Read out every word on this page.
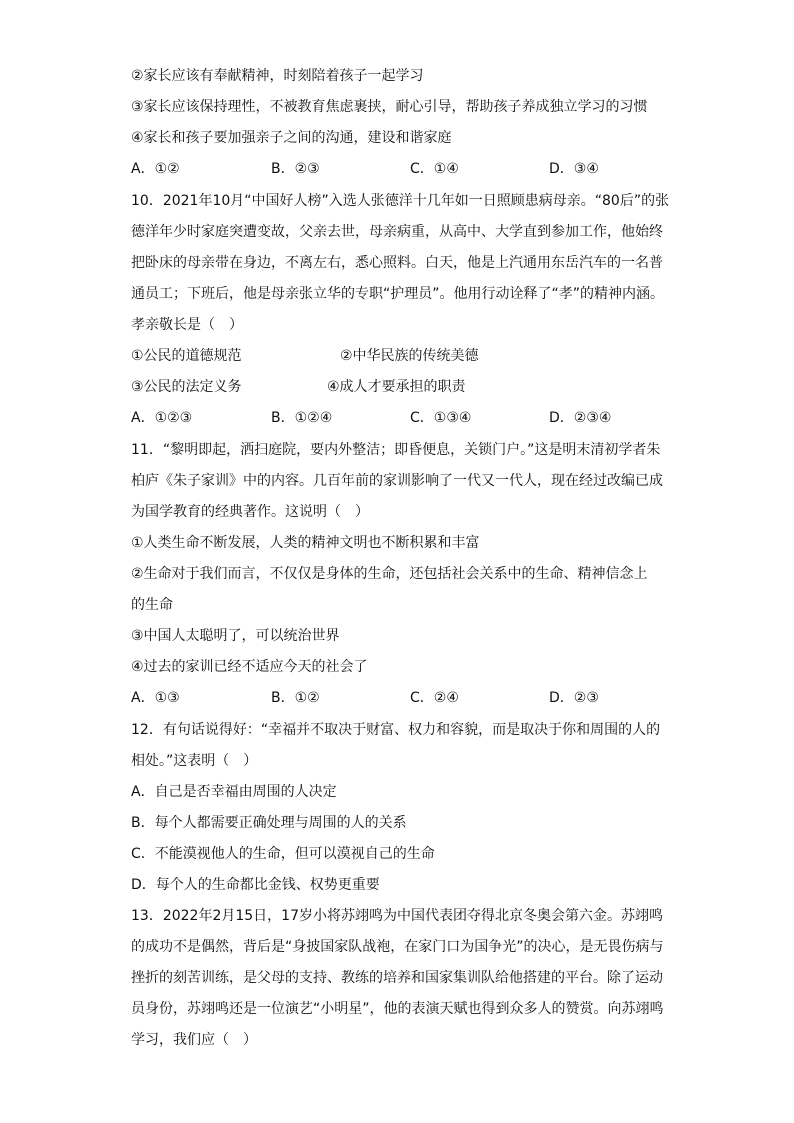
②家长应该有奉献精神，时刻陪着孩子一起学习
③家长应该保持理性，不被教育焦虑裹挟，耐心引导，帮助孩子养成独立学习的习惯
④家长和孩子要加强亲子之间的沟通，建设和谐家庭
A．①②	B．②③	C．①④	D．③④
10．2021年10月“中国好人榜”入选人张德洋十几年如一日照顾患病母亲。“80后”的张
德洋年少时家庭突遭变故，父亲去世，母亲病重，从高中、大学直到参加工作，他始终
把卧床的母亲带在身边，不离左右，悉心照料。白天，他是上汽通用东岳汽车的一名普
通员工；下班后，他是母亲张立华的专职“护理员”。他用行动诠释了“孝”的精神内涵。
孝亲敬长是（　）
①公民的道德规范	②中华民族的传统美德
③公民的法定义务	④成人才要承担的职责
A．①②③	B．①②④	C．①③④	D．②③④
11．“黎明即起，洒扫庭院，要内外整洁；即昏便息，关锁门户。”这是明末清初学者朱
柏庐《朱子家训》中的内容。几百年前的家训影响了一代又一代人，现在经过改编已成
为国学教育的经典著作。这说明（　）
①人类生命不断发展，人类的精神文明也不断积累和丰富
②生命对于我们而言，不仅仅是身体的生命，还包括社会关系中的生命、精神信念上
的生命
③中国人太聪明了，可以统治世界
④过去的家训已经不适应今天的社会了
A．①③	B．①②	C．②④	D．②③
12．有句话说得好：“幸福并不取决于财富、权力和容貌，而是取决于你和周围的人的
相处。”这表明（　）
A．自己是否幸福由周围的人决定
B．每个人都需要正确处理与周围的人的关系
C．不能漠视他人的生命，但可以漠视自己的生命
D．每个人的生命都比金钱、权势更重要
13．2022年2月15日，17岁小将苏翊鸣为中国代表团夺得北京冬奥会第六金。苏翊鸣
的成功不是偶然，背后是“身披国家队战袍，在家门口为国争光”的决心，是无畏伤病与
挫折的刻苦训练，是父母的支持、教练的培养和国家集训队给他搭建的平台。除了运动
员身份，苏翊鸣还是一位演艺“小明星”，他的表演天赋也得到众多人的赞赏。向苏翊鸣
学习，我们应（　）
